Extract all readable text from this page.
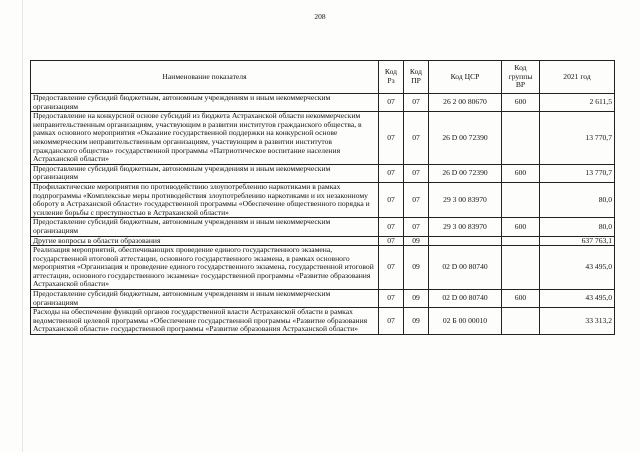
208
Наименование показателя	Код Рз	Код ПР	Код ЦСР	Код группы ВР	2021 год
Предоставление субсидий бюджетным, автономным учреждениям и иным некоммерческим организациям	07	07	26 2 00 80670	600	2 611,5
Предоставление на конкурсной основе субсидий из бюджета Астраханской области некоммерческим неправительственным организациям, участвующим в развитии институтов гражданского общества, в рамках основного мероприятия «Оказание государственной поддержки на конкурсной основе некоммерческим неправительственным организациям, участвующим в развитии институтов гражданского общества» государственной программы «Патриотическое воспитание населения Астраханской области»	07	07	26 D 00 72390		13 770,7
Предоставление субсидий бюджетным, автономным учреждениям и иным некоммерческим организациям	07	07	26 D 00 72390	600	13 770,7
Профилактические мероприятия по противодействию злоупотреблению наркотиками в рамках подпрограммы «Комплексные меры противодействия злоупотреблению наркотиками и их незаконному обороту в Астраханской области» государственной программы «Обеспечение общественного порядка и усиление борьбы с преступностью в Астраханской области»	07	07	29 3 00 83970		80,0
Предоставление субсидий бюджетным, автономным учреждениям и иным некоммерческим организациям	07	07	29 3 00 83970	600	80,0
Другие вопросы в области образования	07	09			637 763,1
Реализация мероприятий, обеспечивающих проведение единого государственного экзамена, государственной итоговой аттестации, основного государственного экзамена, в рамках основного мероприятия «Организация и проведение единого государственного экзамена, государственной итоговой аттестации, основного государственного экзамена» государственной программы «Развитие образования Астраханской области»	07	09	02 D 00 80740		43 495,0
Предоставление субсидий бюджетным, автономным учреждениям и иным некоммерческим организациям	07	09	02 D 00 80740	600	43 495,0
Расходы на обеспечение функций органов государственной власти Астраханской области в рамках ведомственной целевой программы «Обеспечение государственной программы «Развитие образования Астраханской области» государственной программы «Развитие образования Астраханской области»	07	09	02 Б 00 00010		33 313,2
